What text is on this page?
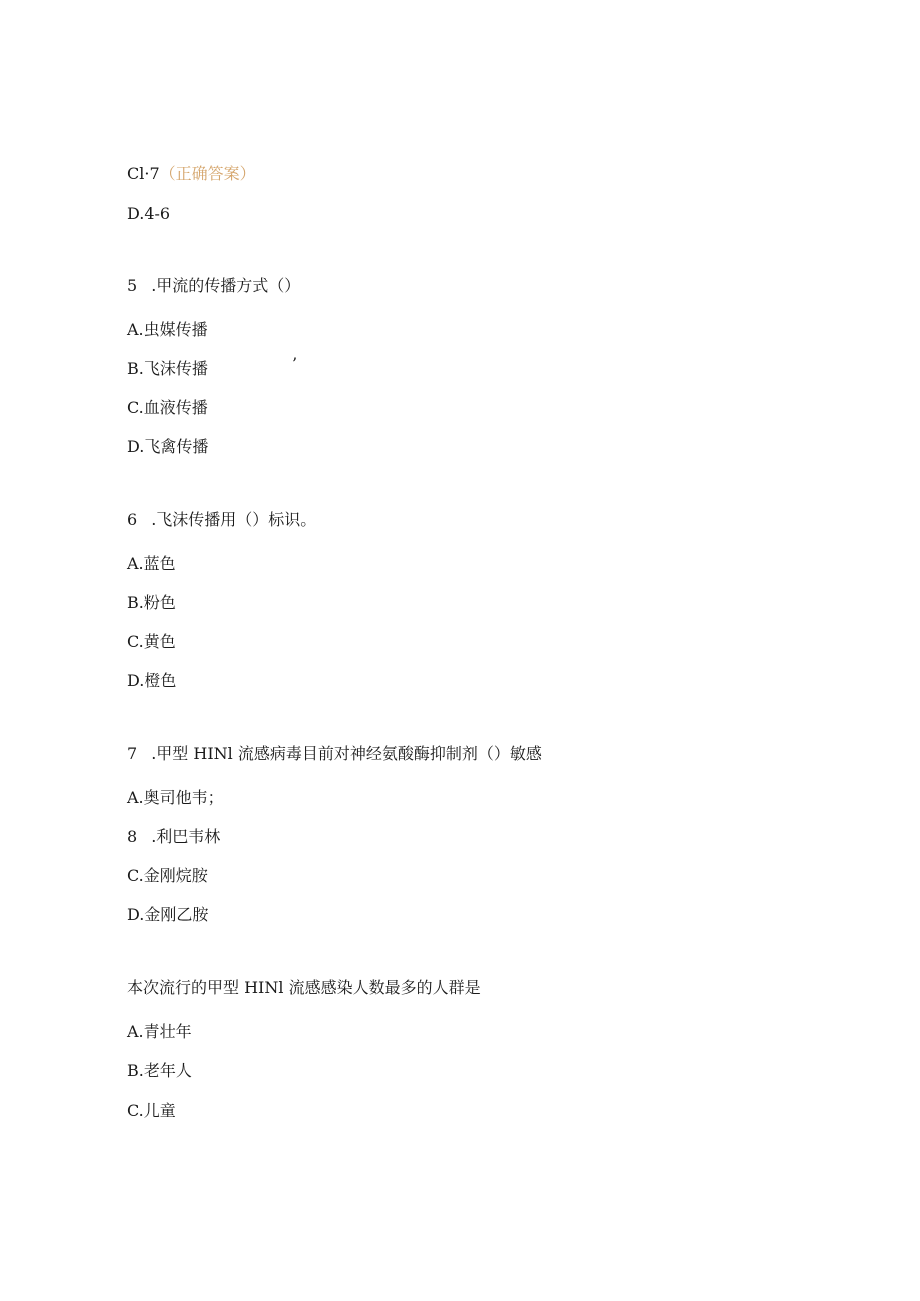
Cl·7（正确答案）
D.4-6
5 .甲流的传播方式（）
A.虫媒传播
B.飞沫传播	’
C.血液传播
D.飞禽传播
6 .飞沫传播用（）标识。
A.蓝色
B.粉色
C.黄色
D.橙色
7 .甲型 HINl 流感病毒目前对神经氨酸酶抑制剂（）敏感
A.奥司他韦；
8 .利巴韦林
C.金刚烷胺
D.金刚乙胺
本次流行的甲型 HINl 流感感染人数最多的人群是
A.青壮年
B.老年人
C.儿童
